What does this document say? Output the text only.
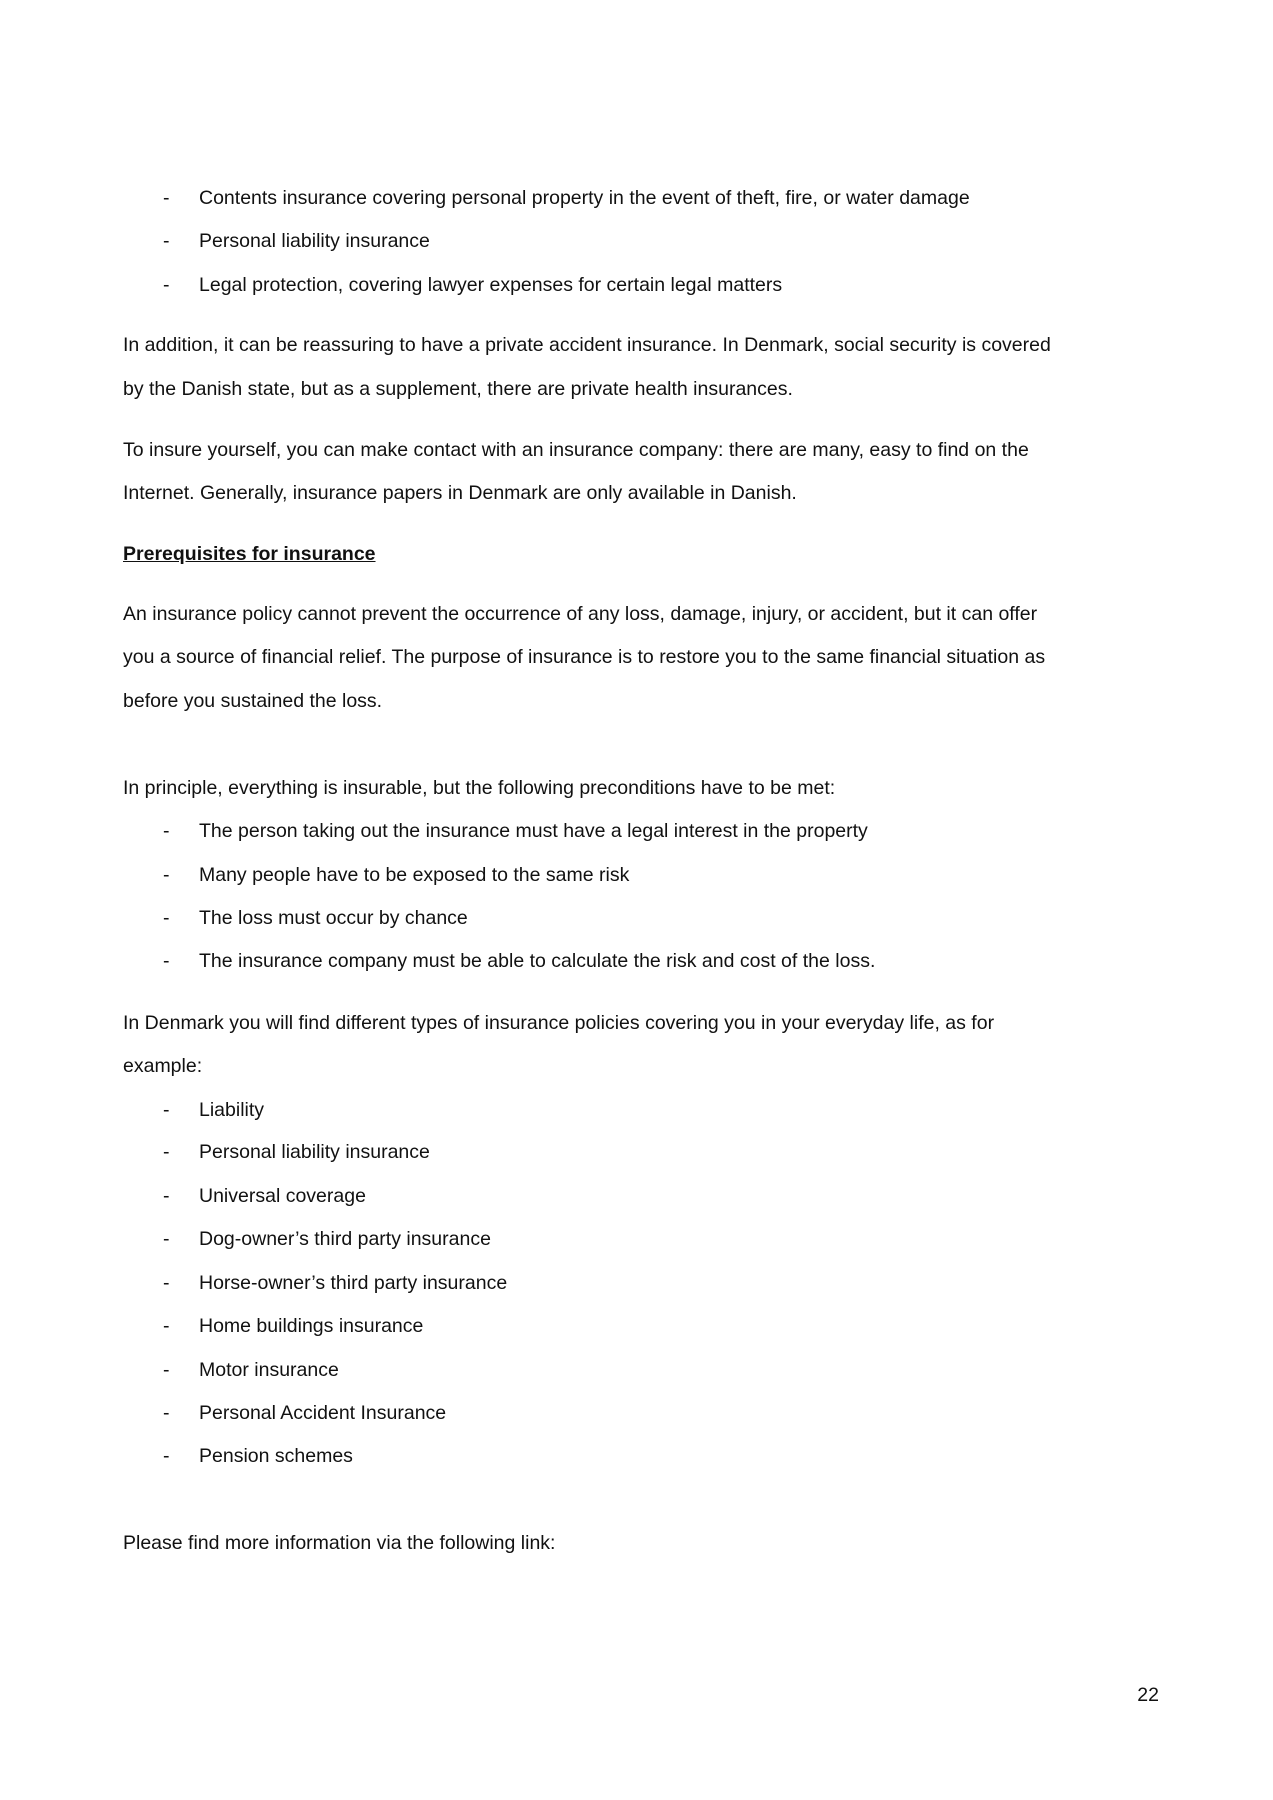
- Contents insurance covering personal property in the event of theft, fire, or water damage
- Personal liability insurance
- Legal protection, covering lawyer expenses for certain legal matters
In addition, it can be reassuring to have a private accident insurance. In Denmark, social security is covered
by the Danish state, but as a supplement, there are private health insurances.
To insure yourself, you can make contact with an insurance company: there are many, easy to find on the
Internet. Generally, insurance papers in Denmark are only available in Danish.
Prerequisites for insurance
An insurance policy cannot prevent the occurrence of any loss, damage, injury, or accident, but it can offer
you a source of financial relief. The purpose of insurance is to restore you to the same financial situation as
before you sustained the loss.
In principle, everything is insurable, but the following preconditions have to be met:
- The person taking out the insurance must have a legal interest in the property
- Many people have to be exposed to the same risk
- The loss must occur by chance
- The insurance company must be able to calculate the risk and cost of the loss.
In Denmark you will find different types of insurance policies covering you in your everyday life, as for
example:
- Liability
- Personal liability insurance
- Universal coverage
- Dog-owner’s third party insurance
- Horse-owner’s third party insurance
- Home buildings insurance
- Motor insurance
- Personal Accident Insurance
- Pension schemes
Please find more information via the following link:
22
